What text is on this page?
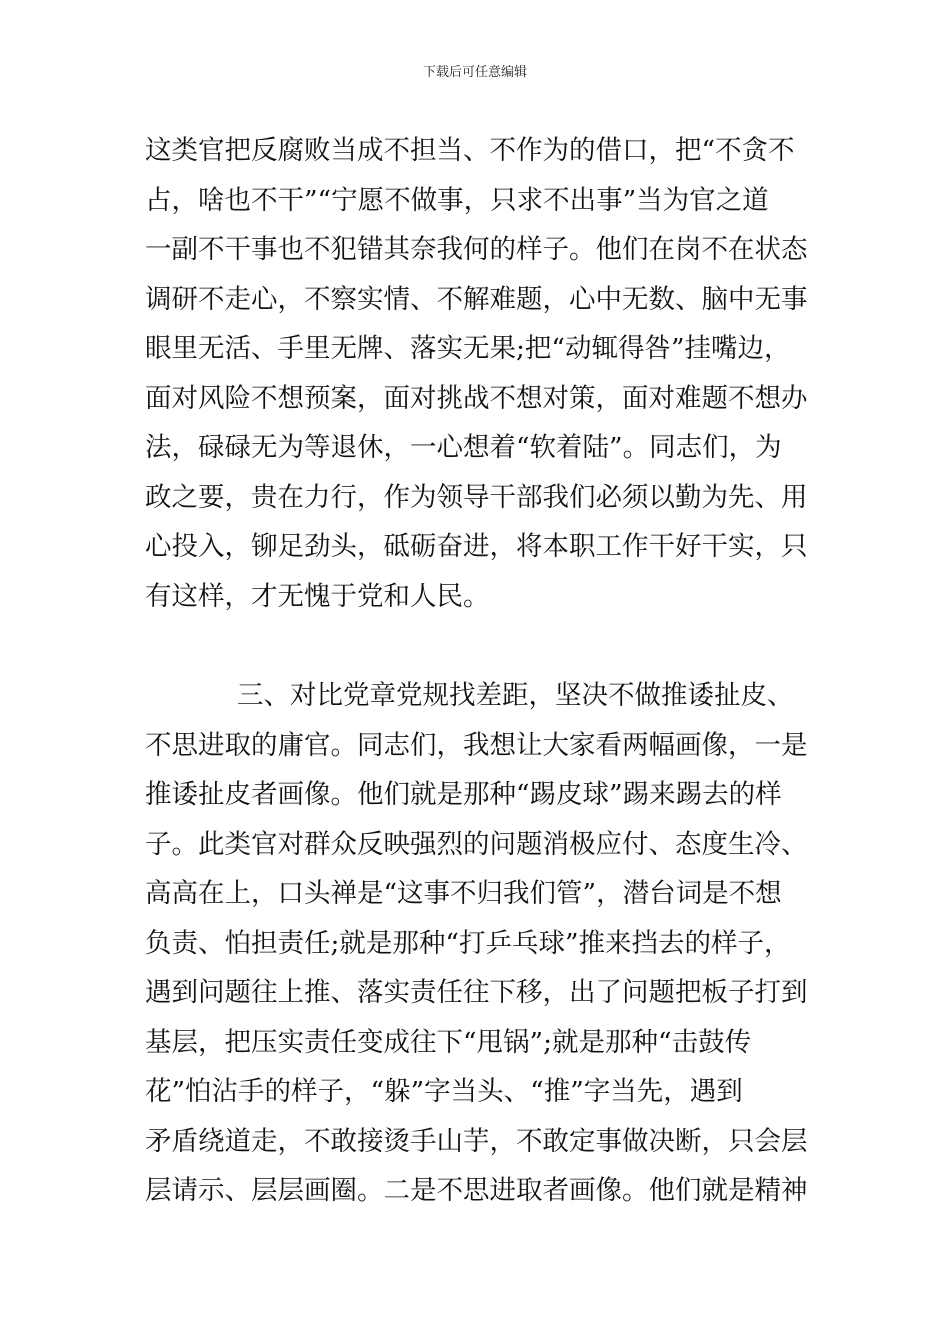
下载后可任意编辑
这类官把反腐败当成不担当、不作为的借口，把“不贪不
占，啥也不干”“宁愿不做事，只求不出事”当为官之道
一副不干事也不犯错其奈我何的样子。他们在岗不在状态
调研不走心，不察实情、不解难题，心中无数、脑中无事
眼里无活、手里无牌、落实无果;把“动辄得咎”挂嘴边，
面对风险不想预案，面对挑战不想对策，面对难题不想办
法，碌碌无为等退休，一心想着“软着陆”。同志们，为
政之要，贵在力行，作为领导干部我们必须以勤为先、用
心投入，铆足劲头，砥砺奋进，将本职工作干好干实，只
有这样，才无愧于党和人民。
三、对比党章党规找差距，坚决不做推诿扯皮、
不思进取的庸官。同志们，我想让大家看两幅画像，一是
推诿扯皮者画像。他们就是那种“踢皮球”踢来踢去的样
子。此类官对群众反映强烈的问题消极应付、态度生冷、
高高在上，口头禅是“这事不归我们管”，潜台词是不想
负责、怕担责任;就是那种“打乒乓球”推来挡去的样子，
遇到问题往上推、落实责任往下移，出了问题把板子打到
基层，把压实责任变成往下“甩锅”;就是那种“击鼓传
花”怕沾手的样子，“躲”字当头、“推”字当先，遇到
矛盾绕道走，不敢接烫手山芋，不敢定事做决断，只会层
层请示、层层画圈。二是不思进取者画像。他们就是精神
